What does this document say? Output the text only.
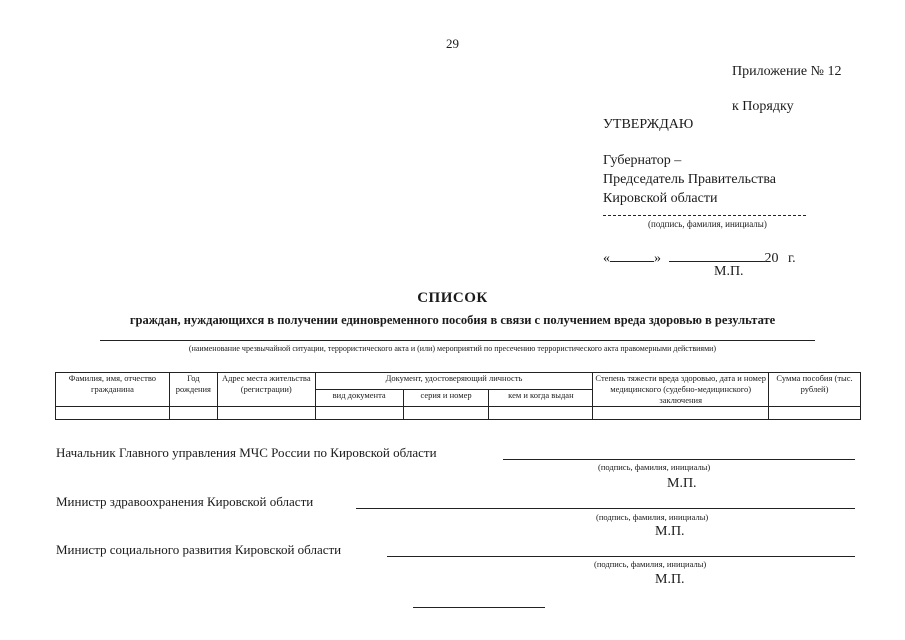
29
Приложение № 12
к Порядку
УТВЕРЖДАЮ
Губернатор –
Председатель Правительства
Кировской области
(подпись, фамилия, инициалы)
«	»	20 г.
М.П.
СПИСОК
граждан, нуждающихся в получении единовременного пособия в связи с получением вреда здоровью в результате
(наименование чрезвычайной ситуации, террористического акта и (или) мероприятий по пресечению террористического акта правомерными действиями)
Фамилия, имя, отчество гражданина	Год рождения	Адрес места жительства (регистрации)	Документ, удостоверяющий личность			Степень тяжести вреда здоровью, дата и номер медицинского (судебно-медицинского) заключения	Сумма пособия (тыс. рублей)
			вид документа	серия и номер	кем и когда выдан		

Начальник Главного управления МЧС России по Кировской области
(подпись, фамилия, инициалы)
М.П.
Министр здравоохранения Кировской области
(подпись, фамилия, инициалы)
М.П.
Министр социального развития Кировской области
(подпись, фамилия, инициалы)
М.П.
